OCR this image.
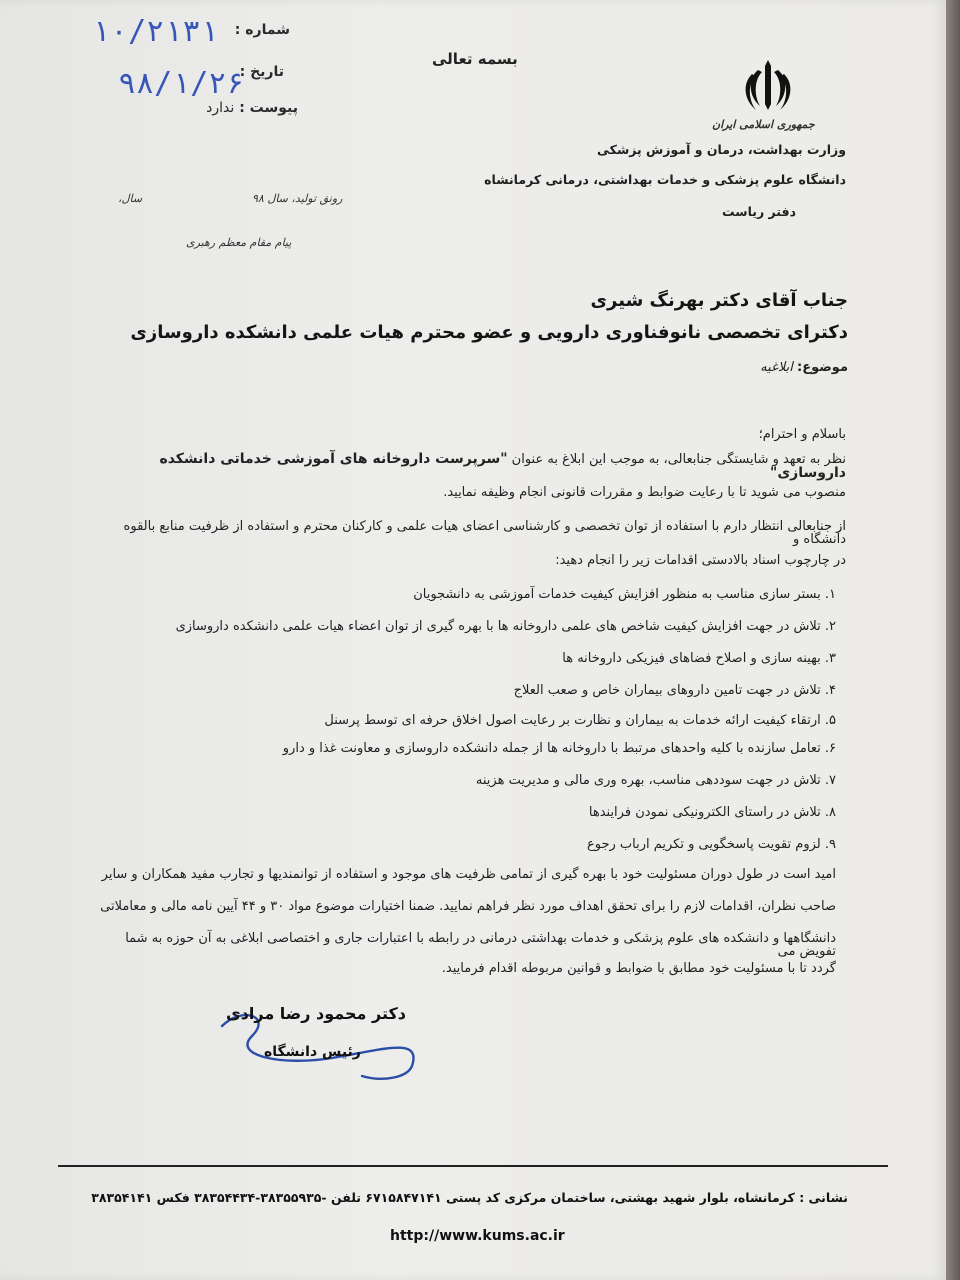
۱۰/۲۱۳۱
۹۸/۱/۲۶
شماره :
تاریخ :
پیوست : ندارد
بسمه تعالی
جمهوری اسلامی ایران
وزارت بهداشت، درمان و آموزش پزشکی
دانشگاه علوم پزشکی و خدمات بهداشتی، درمانی کرمانشاه
دفتر ریاست
رونق تولید، سال ۹۸
سال،
پیام مقام معظم رهبری
جناب آقای دکتر بهرنگ شیری
دکترای تخصصی نانوفناوری دارویی و عضو محترم هیات علمی دانشکده داروسازی
موضوع: ابلاغیه
باسلام و احترام؛
نظر به تعهد و شایستگی جنابعالی، به موجب این ابلاغ به عنوان "سرپرست داروخانه های آموزشی خدماتی دانشکده داروسازی"
منصوب می شوید تا با رعایت ضوابط و مقررات قانونی انجام وظیفه نمایید.
از جنابعالی انتظار دارم با استفاده از توان تخصصی و کارشناسی اعضای هیات علمی و کارکنان محترم و استفاده از ظرفیت منابع بالقوه دانشگاه و
در چارچوب اسناد بالادستی اقدامات زیر را انجام دهید:
۱. بستر سازی مناسب به منظور افزایش کیفیت خدمات آموزشی به دانشجویان
۲. تلاش در جهت افزایش کیفیت شاخص های علمی داروخانه ها با بهره گیری از توان اعضاء هیات علمی دانشکده داروسازی
۳. بهینه سازی و اصلاح فضاهای فیزیکی داروخانه ها
۴. تلاش در جهت تامین داروهای بیماران خاص و صعب العلاج
۵. ارتقاء کیفیت ارائه خدمات به بیماران و نظارت بر رعایت اصول اخلاق حرفه ای توسط پرسنل
۶. تعامل سازنده با کلیه واحدهای مرتبط با داروخانه ها از جمله دانشکده داروسازی و معاونت غذا و دارو
۷. تلاش در جهت سوددهی مناسب، بهره وری مالی و مدیریت هزینه
۸. تلاش در راستای الکترونیکی نمودن فرایندها
۹. لزوم تقویت پاسخگویی و تکریم ارباب رجوع
امید است در طول دوران مسئولیت خود با بهره گیری از تمامی ظرفیت های موجود و استفاده از توانمندیها و تجارب مفید همکاران و سایر
صاحب نظران، اقدامات لازم را برای تحقق اهداف مورد نظر فراهم نمایید. ضمنا اختیارات موضوع مواد ۳۰ و ۴۴ آیین نامه مالی و معاملاتی
دانشگاهها و دانشکده های علوم پزشکی و خدمات بهداشتی درمانی در رابطه با اعتبارات جاری و اختصاصی ابلاغی به آن حوزه به شما تفویض می
گردد تا با مسئولیت خود مطابق با ضوابط و قوانین مربوطه اقدام فرمایید.
دکتر محمود رضا مرادی
رئیس دانشگاه
نشانی : کرمانشاه، بلوار شهید بهشتی، ساختمان مرکزی کد پستی ۶۷۱۵۸۴۷۱۴۱ تلفن -۳۸۳۵۵۹۳۵-۳۸۳۵۴۴۳۴ فکس ۳۸۳۵۴۱۴۱
http://www.kums.ac.ir
